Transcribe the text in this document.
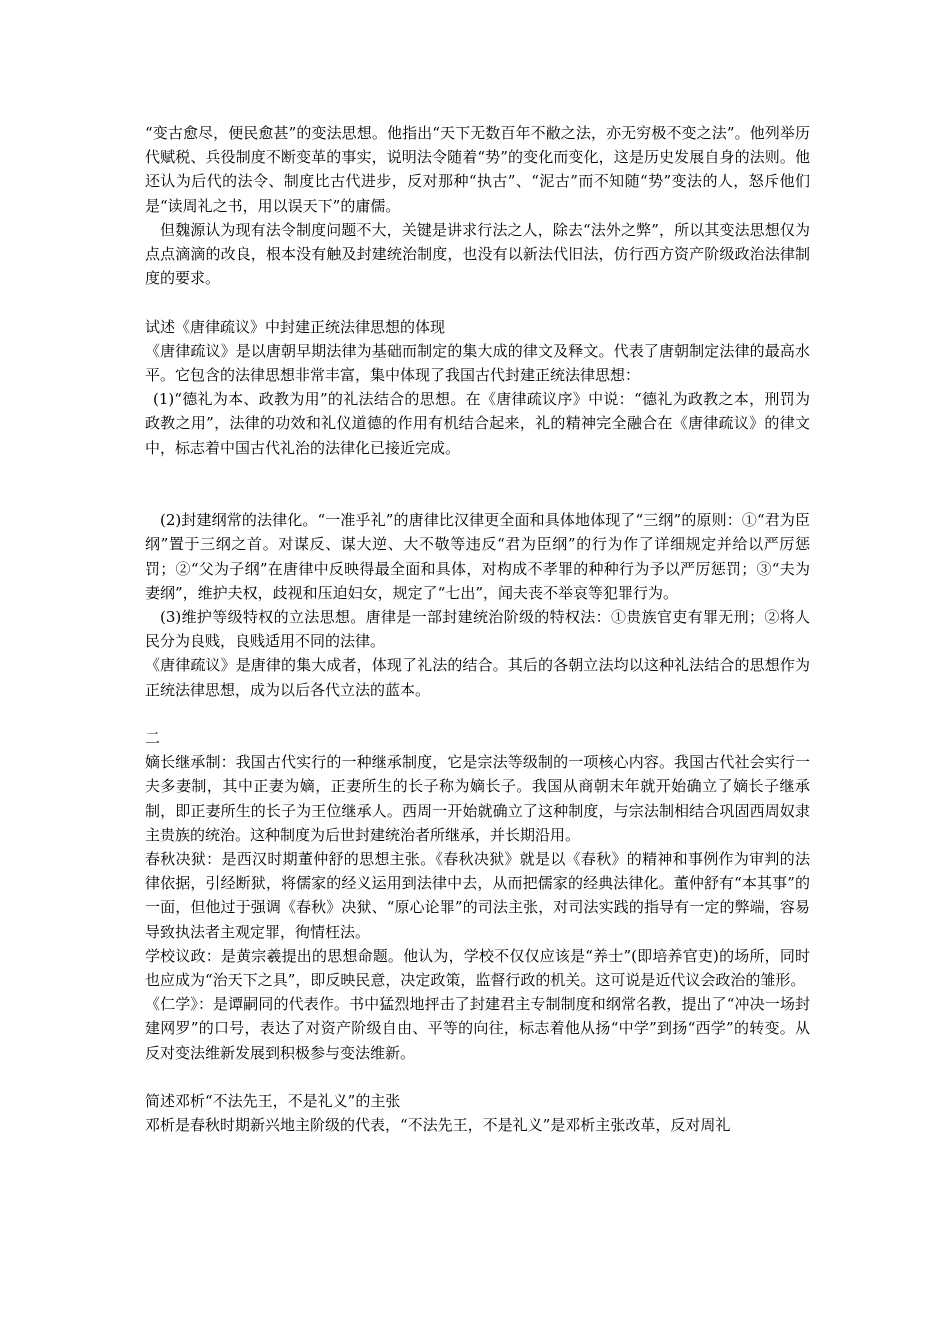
“变古愈尽，便民愈甚”的变法思想。他指出“天下无数百年不敝之法，亦无穷极不变之法”。他列举历代赋税、兵役制度不断变革的事实，说明法令随着“势”的变化而变化，这是历史发展自身的法则。他还认为后代的法令、制度比古代进步，反对那种“执古”、“泥古”而不知随“势”变法的人，怒斥他们是“读周礼之书，用以误天下”的庸儒。

但魏源认为现有法令制度问题不大，关键是讲求行法之人，除去“法外之弊”，所以其变法思想仅为点点滴滴的改良，根本没有触及封建统治制度，也没有以新法代旧法，仿行西方资产阶级政治法律制度的要求。

试述《唐律疏议》中封建正统法律思想的体现

《唐律疏议》是以唐朝早期法律为基础而制定的集大成的律文及释文。代表了唐朝制定法律的最高水平。它包含的法律思想非常丰富，集中体现了我国古代封建正统法律思想：

(1)“德礼为本、政教为用”的礼法结合的思想。在《唐律疏议序》中说：“德礼为政教之本，刑罚为政教之用”，法律的功效和礼仪道德的作用有机结合起来，礼的精神完全融合在《唐律疏议》的律文中，标志着中国古代礼治的法律化已接近完成。

(2)封建纲常的法律化。“一准乎礼”的唐律比汉律更全面和具体地体现了“三纲”的原则：①“君为臣纲”置于三纲之首。对谋反、谋大逆、大不敬等违反“君为臣纲”的行为作了详细规定并给以严厉惩罚；②“父为子纲”在唐律中反映得最全面和具体，对构成不孝罪的种种行为予以严厉惩罚；③“夫为妻纲”，维护夫权，歧视和压迫妇女，规定了“七出”，闻夫丧不举哀等犯罪行为。

(3)维护等级特权的立法思想。唐律是一部封建统治阶级的特权法：①贵族官吏有罪无刑；②将人民分为良贱，良贱适用不同的法律。

《唐律疏议》是唐律的集大成者，体现了礼法的结合。其后的各朝立法均以这种礼法结合的思想作为正统法律思想，成为以后各代立法的蓝本。

二

嫡长继承制：我国古代实行的一种继承制度，它是宗法等级制的一项核心内容。我国古代社会实行一夫多妻制，其中正妻为嫡，正妻所生的长子称为嫡长子。我国从商朝末年就开始确立了嫡长子继承制，即正妻所生的长子为王位继承人。西周一开始就确立了这种制度，与宗法制相结合巩固西周奴隶主贵族的统治。这种制度为后世封建统治者所继承，并长期沿用。

春秋决狱：是西汉时期董仲舒的思想主张。《春秋决狱》就是以《春秋》的精神和事例作为审判的法律依据，引经断狱，将儒家的经义运用到法律中去，从而把儒家的经典法律化。董仲舒有“本其事”的一面，但他过于强调《春秋》决狱、“原心论罪”的司法主张，对司法实践的指导有一定的弊端，容易导致执法者主观定罪，徇情枉法。

学校议政：是黄宗羲提出的思想命题。他认为，学校不仅仅应该是“养士”(即培养官吏)的场所，同时也应成为“治天下之具”，即反映民意，决定政策，监督行政的机关。这可说是近代议会政治的雏形。

《仁学》：是谭嗣同的代表作。书中猛烈地抨击了封建君主专制制度和纲常名教，提出了“冲决一场封建网罗”的口号，表达了对资产阶级自由、平等的向往，标志着他从扬“中学”到扬“西学”的转变。从反对变法维新发展到积极参与变法维新。

简述邓析“不法先王，不是礼义”的主张

邓析是春秋时期新兴地主阶级的代表，“不法先王，不是礼义”是邓析主张改革，反对周礼
